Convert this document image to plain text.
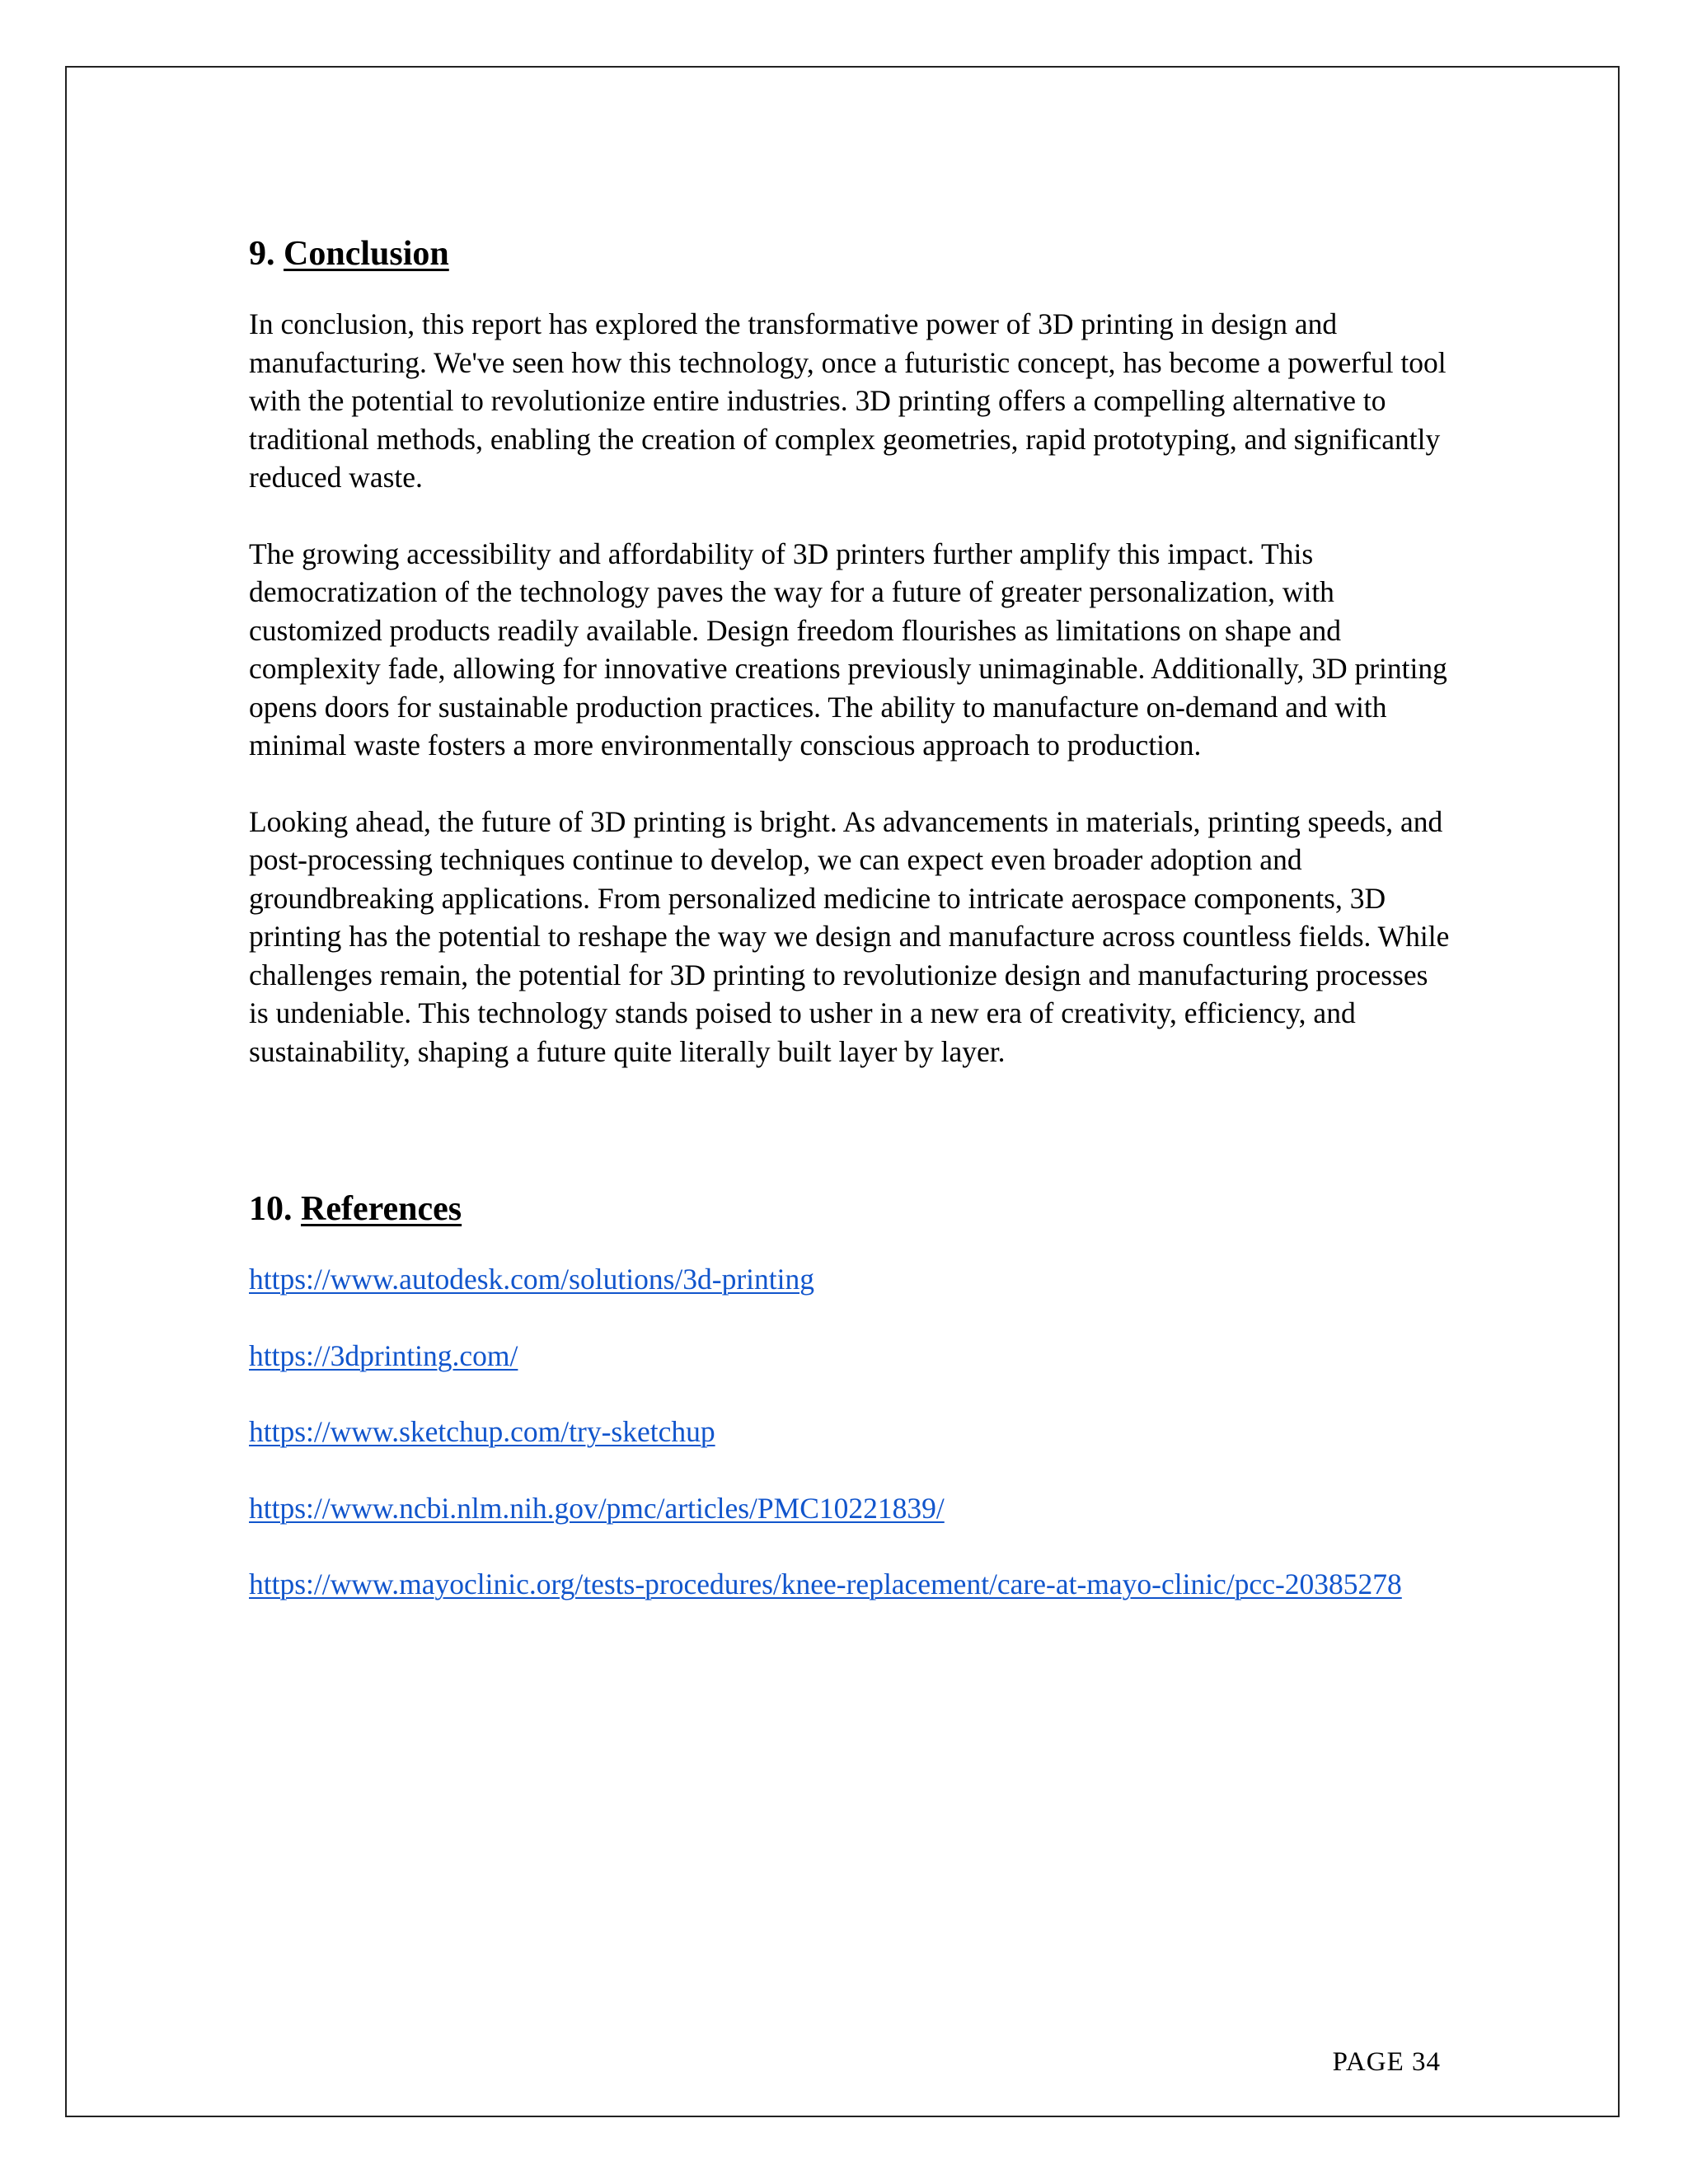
9. Conclusion

In conclusion, this report has explored the transformative power of 3D printing in design and manufacturing. We've seen how this technology, once a futuristic concept, has become a powerful tool with the potential to revolutionize entire industries. 3D printing offers a compelling alternative to traditional methods, enabling the creation of complex geometries, rapid prototyping, and significantly reduced waste.

The growing accessibility and affordability of 3D printers further amplify this impact. This democratization of the technology paves the way for a future of greater personalization, with customized products readily available. Design freedom flourishes as limitations on shape and complexity fade, allowing for innovative creations previously unimaginable. Additionally, 3D printing opens doors for sustainable production practices. The ability to manufacture on-demand and with minimal waste fosters a more environmentally conscious approach to production.

Looking ahead, the future of 3D printing is bright. As advancements in materials, printing speeds, and post-processing techniques continue to develop, we can expect even broader adoption and groundbreaking applications. From personalized medicine to intricate aerospace components, 3D printing has the potential to reshape the way we design and manufacture across countless fields. While challenges remain, the potential for 3D printing to revolutionize design and manufacturing processes is undeniable. This technology stands poised to usher in a new era of creativity, efficiency, and sustainability, shaping a future quite literally built layer by layer.

10. References
https://www.autodesk.com/solutions/3d-printing
https://3dprinting.com/
https://www.sketchup.com/try-sketchup
https://www.ncbi.nlm.nih.gov/pmc/articles/PMC10221839/
https://www.mayoclinic.org/tests-procedures/knee-replacement/care-at-mayo-clinic/pcc-20385278
PAGE 34
